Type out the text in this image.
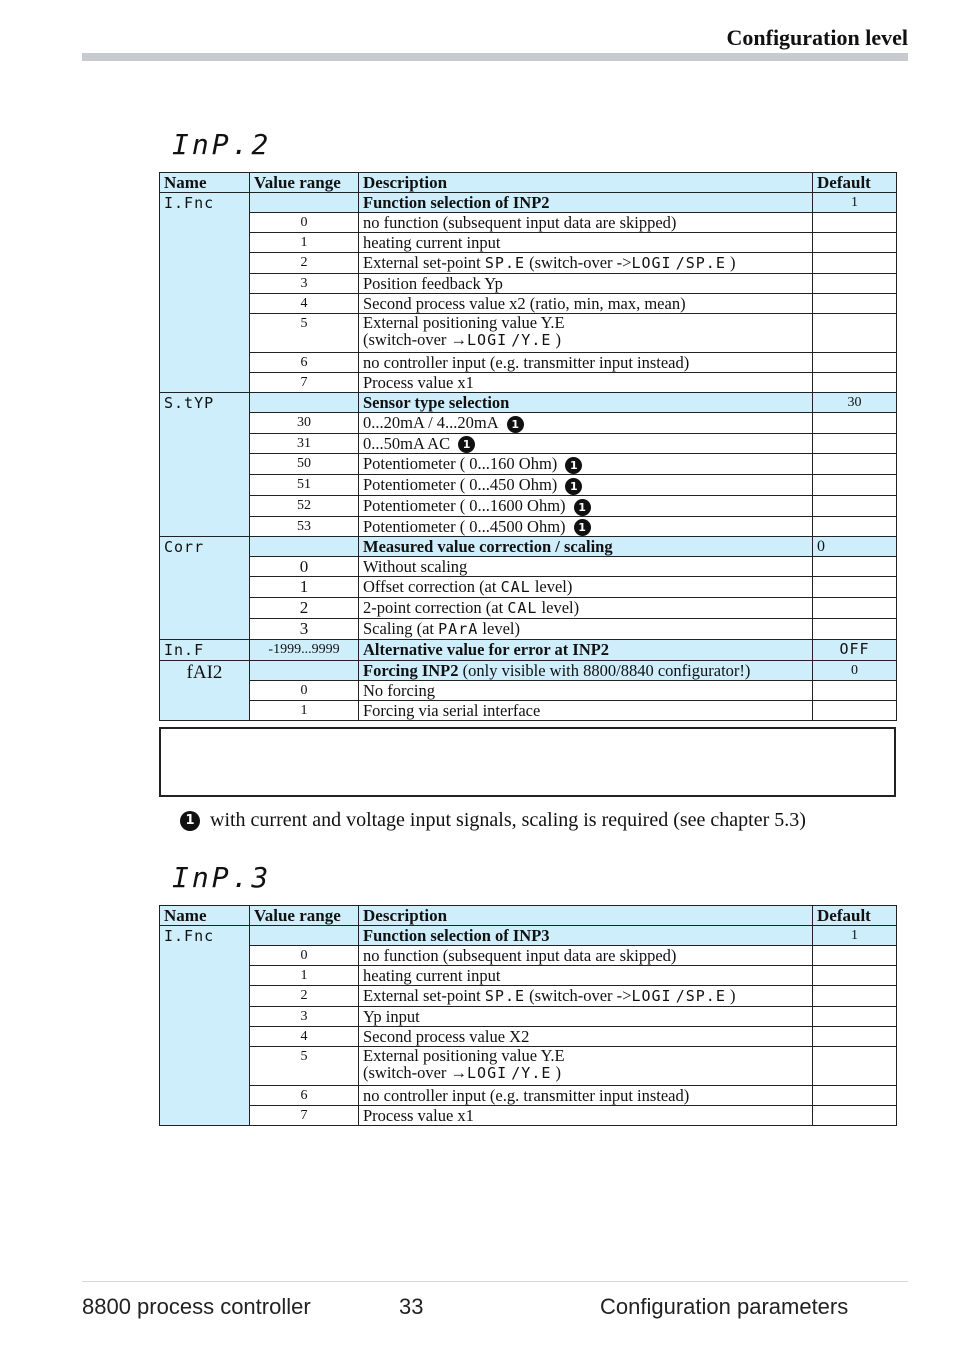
Configuration level
InP.2
Name	Value range	Description	Default
I.Fnc		Function selection of INP2	1
	0	no function (subsequent input data are skipped)	
	1	heating current input	
	2	External set-point SP.E (switch-over ->LOGI /SP.E )	
	3	Position feedback Yp	
	4	Second process value x2 (ratio, min, max, mean)	
	5	External positioning value Y.E
(switch-over →LOGI /Y.E )	
	6	no controller input (e.g. transmitter input instead)	
	7	Process value x1	
S.tYP		Sensor type selection	30
	30	0...20mA / 4...20mA 1	
	31	0...50mA AC 1	
	50	Potentiometer ( 0...160 Ohm) 1	
	51	Potentiometer ( 0...450 Ohm) 1	
	52	Potentiometer ( 0...1600 Ohm) 1	
	53	Potentiometer ( 0...4500 Ohm) 1	
Corr		Measured value correction / scaling	0
	0	Without scaling	
	1	Offset correction (at CAL level)	
	2	2-point correction (at CAL level)	
	3	Scaling (at PArA level)	
In.F	-1999...9999	Alternative value for error at INP2	OFF
fAI2		Forcing INP2 (only visible with 8800/8840 configurator!)	0
	0	No forcing	
	1	Forcing via serial interface	
1 with current and voltage input signals, scaling is required (see chapter 5.3)
InP.3
Name	Value range	Description	Default
I.Fnc		Function selection of INP3	1
	0	no function (subsequent input data are skipped)	
	1	heating current input	
	2	External set-point SP.E (switch-over ->LOGI /SP.E )	
	3	Yp input	
	4	Second process value X2	
	5	External positioning value Y.E
(switch-over →LOGI /Y.E )	
	6	no controller input (e.g. transmitter input instead)	
	7	Process value x1	
8800 process controller	33	Configuration parameters
